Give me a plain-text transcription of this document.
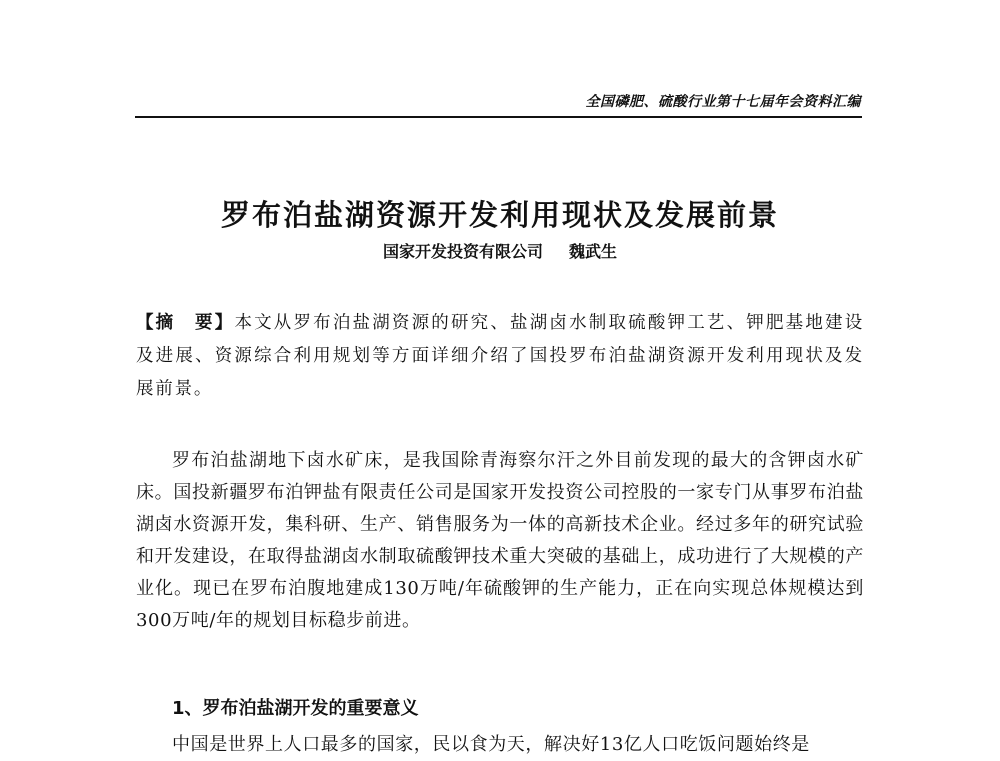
全国磷肥、硫酸行业第十七届年会资料汇编
罗布泊盐湖资源开发利用现状及发展前景
国家开发投资有限公司 魏武生
【摘　要】本文从罗布泊盐湖资源的研究、盐湖卤水制取硫酸钾工艺、钾肥基地建设及进展、资源综合利用规划等方面详细介绍了国投罗布泊盐湖资源开发利用现状及发展前景。
罗布泊盐湖地下卤水矿床，是我国除青海察尔汗之外目前发现的最大的含钾卤水矿床。国投新疆罗布泊钾盐有限责任公司是国家开发投资公司控股的一家专门从事罗布泊盐湖卤水资源开发，集科研、生产、销售服务为一体的高新技术企业。经过多年的研究试验和开发建设，在取得盐湖卤水制取硫酸钾技术重大突破的基础上，成功进行了大规模的产业化。现已在罗布泊腹地建成130万吨/年硫酸钾的生产能力，正在向实现总体规模达到300万吨/年的规划目标稳步前进。
1、罗布泊盐湖开发的重要意义
中国是世界上人口最多的国家，民以食为天，解决好13亿人口吃饭问题始终是
